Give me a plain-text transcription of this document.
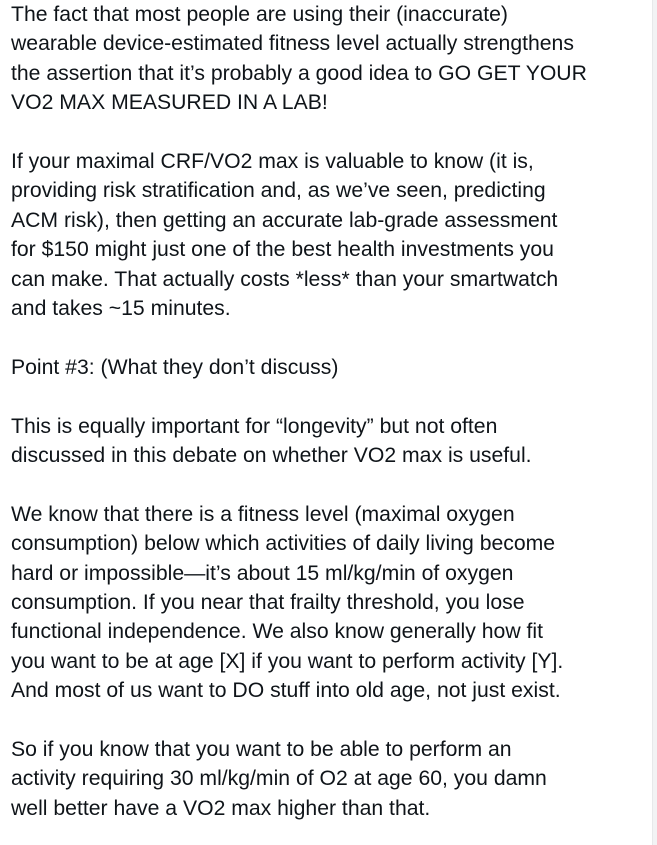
The fact that most people are using their (inaccurate)
wearable device-estimated fitness level actually strengthens
the assertion that it’s probably a good idea to GO GET YOUR
VO2 MAX MEASURED IN A LAB!

If your maximal CRF/VO2 max is valuable to know (it is,
providing risk stratification and, as we’ve seen, predicting
ACM risk), then getting an accurate lab-grade assessment
for $150 might just one of the best health investments you
can make. That actually costs *less* than your smartwatch
and takes ~15 minutes.

Point #3: (What they don’t discuss)

This is equally important for “longevity” but not often
discussed in this debate on whether VO2 max is useful.

We know that there is a fitness level (maximal oxygen
consumption) below which activities of daily living become
hard or impossible—it’s about 15 ml/kg/min of oxygen
consumption. If you near that frailty threshold, you lose
functional independence. We also know generally how fit
you want to be at age [X] if you want to perform activity [Y].
And most of us want to DO stuff into old age, not just exist.

So if you know that you want to be able to perform an
activity requiring 30 ml/kg/min of O2 at age 60, you damn
well better have a VO2 max higher than that.
